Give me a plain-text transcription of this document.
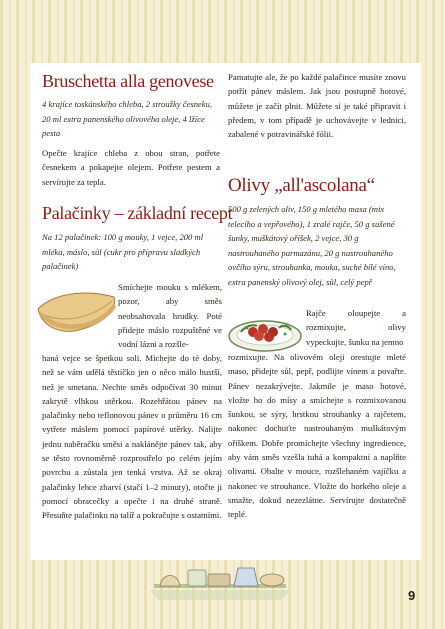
Bruschetta alla genovese

4 krajíce toskánského chleba, 2 stroužky česneku, 20 ml extra panenského olivového oleje, 4 lžíce pesta

Opečte krajíce chleba z obou stran, potřete česnekem a pokapejte olejem. Potřete pestem a servírujte za tepla.

Palačinky – základní recept

Na 12 palačinek: 100 g mouky, 1 vejce, 200 ml mléka, máslo, sůl (cukr pro přípravu sladkých palačinek)

Smíchejte mouku s mlékem, pozor, aby směs neobsahovala hrudky. Poté přidejte máslo rozpuštěné ve vodní lázni a rozšle-

haná vejce se špetkou soli. Míchejte do té doby, než se vám udělá těstíčko jen o něco málo hustší, než je smetana. Nechte směs odpočívat 30 minut zakrytě vlhkou utěrkou. Rozehřátou pánev na palačinky nebo teflonovou pánev o průměru 16 cm vytřete máslem pomocí papírové utěrky. Nalijte jednu naběračku směsi a naklánějte pánev tak, aby se těsto rovnoměrně rozprostřelo po celém jejím povrchu a zůstala jen tenká vrstva. Až se okraj palačinky lehce zbarví (stačí 1–2 minuty), otočte ji pomocí obracečky a opečte i na druhé straně. Přesuňte palačinku na talíř a pokračujte s ostatními.

Pamatujte ale, že po každé palačince musíte znovu potřít pánev máslem. Jak jsou postupně hotové, můžete je začít plnit. Můžete si je také připravit i předem, v tom případě je uchovávejte v lednici, zabalené v potravinářské fólii.

Olivy „all'ascolana“

500 g zelených oliv, 150 g mletého masa (mix telecího a vepřového), 1 zralé rajče, 50 g sušené šunky, muškátový oříšek, 2 vejce, 30 g nastrouhaného parmazánu, 20 g nastrouhaného ovčího sýru, strouhanka, mouka, suché bílé víno, extra panenský olivový olej, sůl, celý pepř

Rajče oloupejte a rozmixujte, olivy vypeckujte, šunku na jemno

rozmixujte. Na olivovém oleji orestujte mleté maso, přidejte sůl, pepř, podlijte vínem a povařte. Pánev nezakrývejte. Jakmile je maso hotové, vložte ho do mísy a smíchejte s rozmixovanou šunkou, se sýry, hrstkou strouhanky a rajčetem, nakonec dochuťte nastrouhaným muškátovým oříškem. Dobře promíchejte všechny ingredience, aby vám směs vzešla tuhá a kompaktní a naplňte olivami. Obalte v mouce, rozšlehaném vajíčku a nakonec ve strouhance. Vložte do horkého oleje a smažte, dokud nezezlátne. Servírujte dostatečně teplé.

9
